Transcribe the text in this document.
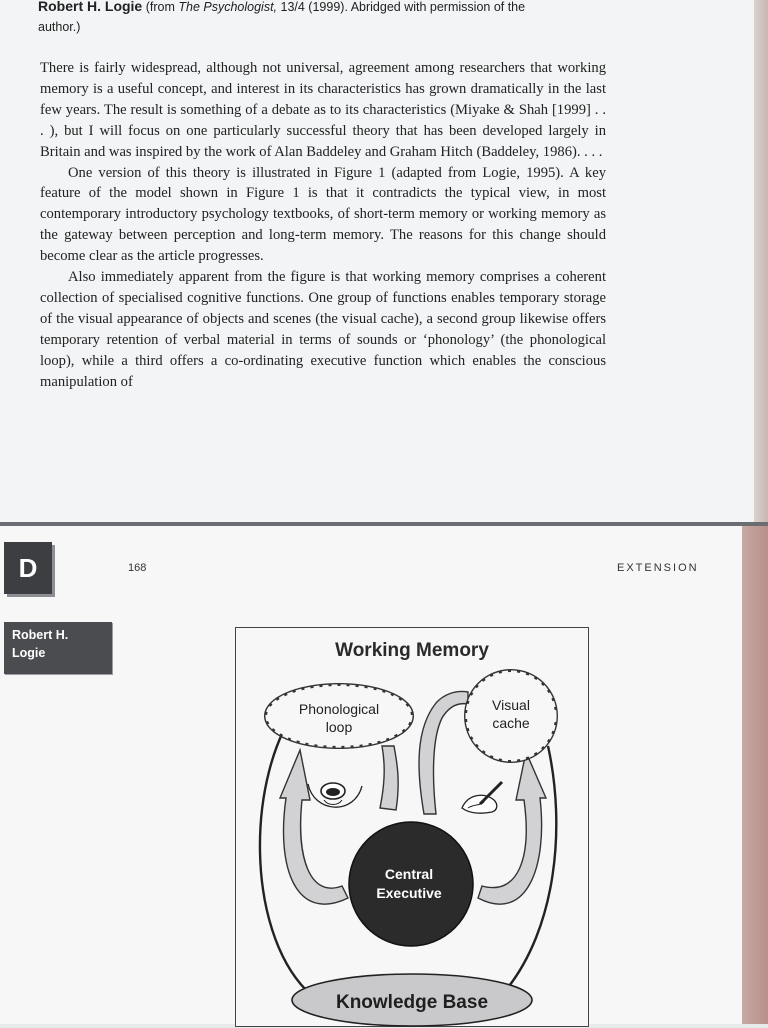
Robert H. Logie (from The Psychologist, 13/4 (1999). Abridged with permission of the
author.)

There is fairly widespread, although not universal, agreement among researchers that working memory is a useful concept, and interest in its characteristics has grown dramatically in the last few years. The result is something of a debate as to its characteristics (Miyake & Shah [1999] . . . ), but I will focus on one particularly successful theory that has been developed largely in Britain and was inspired by the work of Alan Baddeley and Graham Hitch (Baddeley, 1986). . . .

One version of this theory is illustrated in Figure 1 (adapted from Logie, 1995). A key feature of the model shown in Figure 1 is that it contradicts the typical view, in most contemporary introductory psychology textbooks, of short-term memory or working memory as the gateway between perception and long-term memory. The reasons for this change should become clear as the article progresses.

Also immediately apparent from the figure is that working memory comprises a coherent collection of specialised cognitive functions. One group of functions enables temporary storage of the visual appearance of objects and scenes (the visual cache), a second group likewise offers temporary retention of verbal material in terms of sounds or ‘phonology’ (the phonological loop), while a third offers a co-ordinating executive function which enables the conscious manipulation of

D	168	EXTENSION
Robert H.
Logie	Working Memory
Phonological
loop
Visual
cache
Central
Executive
Knowledge Base
